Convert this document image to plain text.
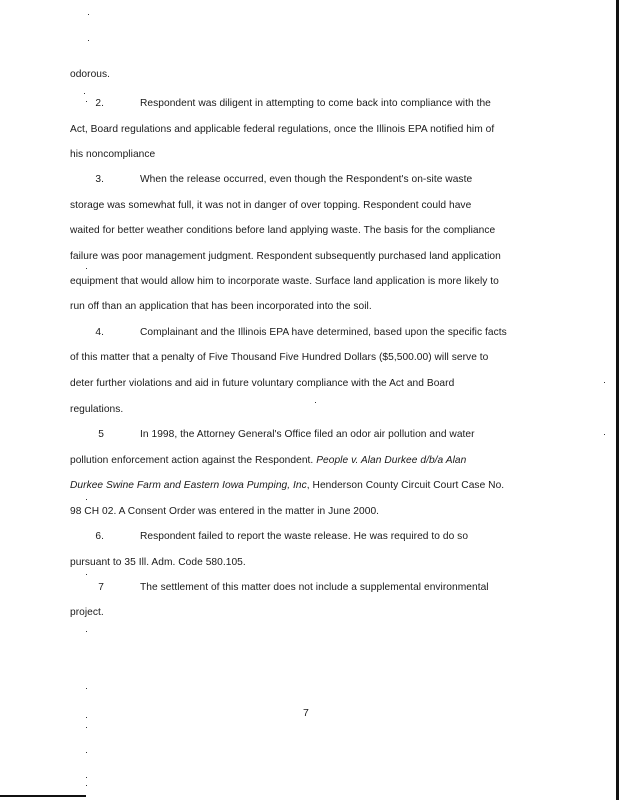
odorous.
2.	Respondent was diligent in attempting to come back into compliance with the
Act, Board regulations and applicable federal regulations, once the Illinois EPA notified him of
his noncompliance
3.	When the release occurred, even though the Respondent's on-site waste
storage was somewhat full, it was not in danger of over topping. Respondent could have
waited for better weather conditions before land applying waste. The basis for the compliance
failure was poor management judgment. Respondent subsequently purchased land application
equipment that would allow him to incorporate waste. Surface land application is more likely to
run off than an application that has been incorporated into the soil.
4.	Complainant and the Illinois EPA have determined, based upon the specific facts
of this matter that a penalty of Five Thousand Five Hundred Dollars ($5,500.00) will serve to
deter further violations and aid in future voluntary compliance with the Act and Board
regulations.
5	In 1998, the Attorney General's Office filed an odor air pollution and water
pollution enforcement action against the Respondent. People v. Alan Durkee d/b/a Alan
Durkee Swine Farm and Eastern Iowa Pumping, Inc, Henderson County Circuit Court Case No.
98 CH 02. A Consent Order was entered in the matter in June 2000.
6.	Respondent failed to report the waste release. He was required to do so
pursuant to 35 Ill. Adm. Code 580.105.
7	The settlement of this matter does not include a supplemental environmental
project.
7
